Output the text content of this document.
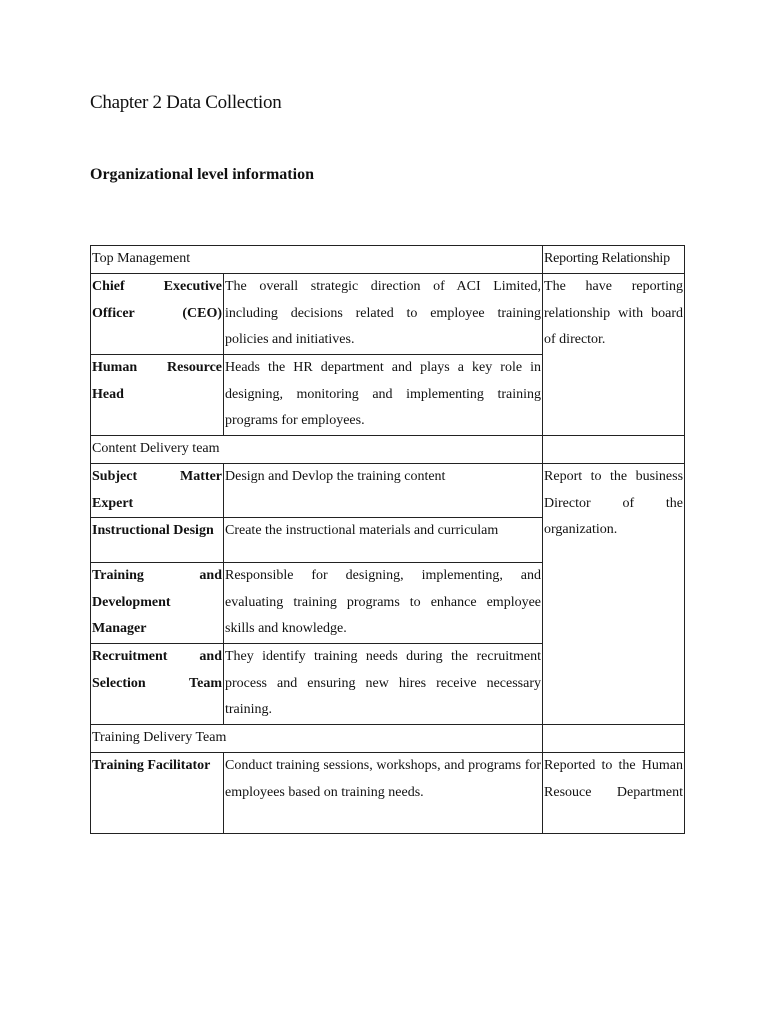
Chapter 2 Data Collection
Organizational level information
Top Management		Reporting Relationship
Chief Executive Officer (CEO)	The overall strategic direction of ACI Limited, including decisions related to employee training policies and initiatives.	The have reporting relationship with board of director.
Human Resource Head	Heads the HR department and plays a key role in designing, monitoring and implementing training programs for employees.	
Content Delivery team		
Subject Matter Expert	Design and Devlop the training content	Report to the business Director of the organization.
Instructional Design	Create the instructional materials and curriculam	
Training and Development Manager	Responsible for designing, implementing, and evaluating training programs to enhance employee skills and knowledge.	
Recruitment and Selection Team	They identify training needs during the recruitment process and ensuring new hires receive necessary training.	
Training Delivery Team		
Training Facilitator	Conduct training sessions, workshops, and programs for employees based on training needs.	Reported to the Human Resouce Department
